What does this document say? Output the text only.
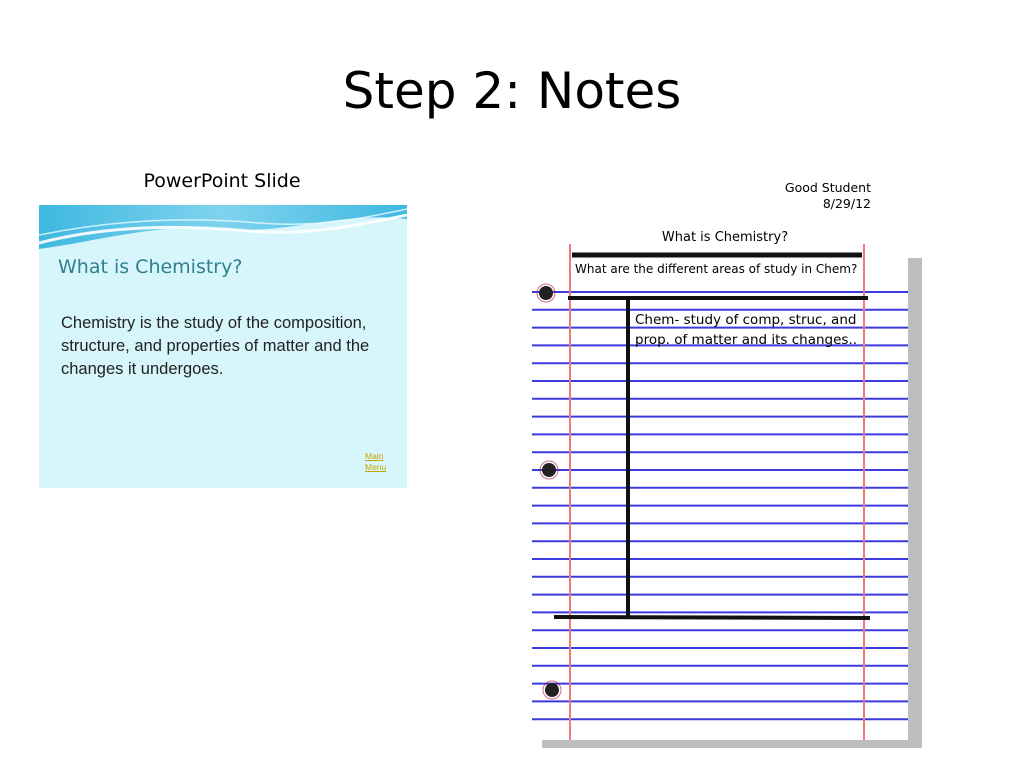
Step 2: Notes
PowerPoint Slide
What is Chemistry?
Chemistry is the study of the composition, structure, and properties of matter and the changes it undergoes.
Main
Menu
Good Student
8/29/12
What is Chemistry?
What are the different areas of study in Chem?
Chem- study of comp, struc, and prop. of matter and its changes..
